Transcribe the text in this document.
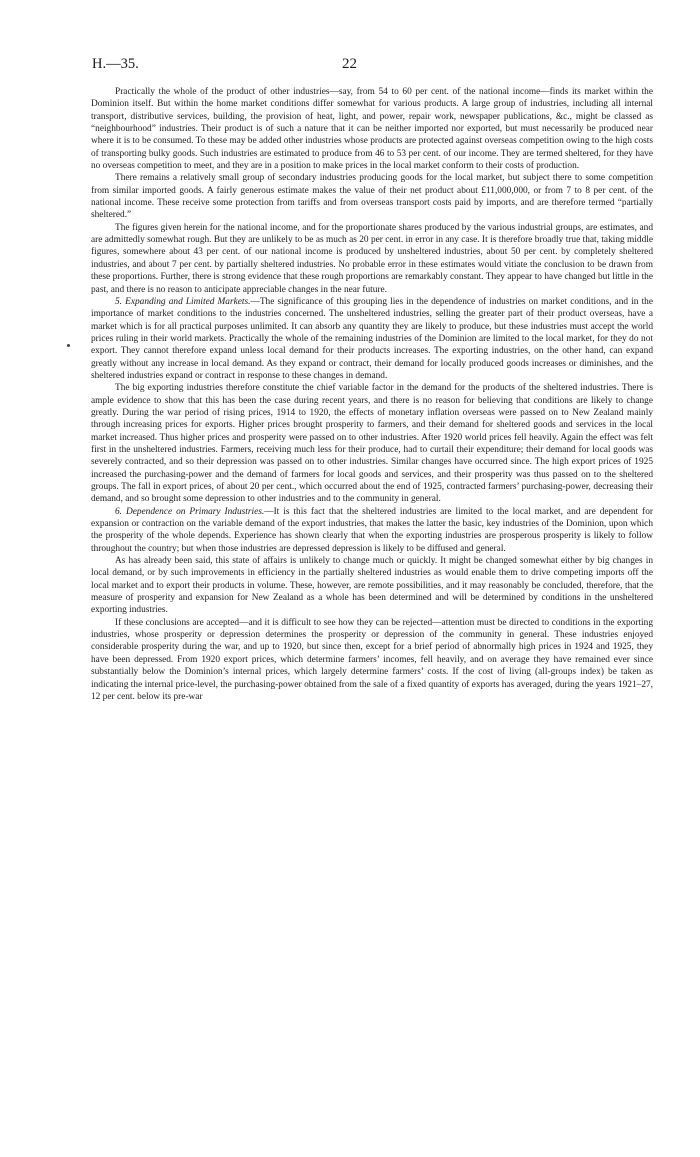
H.—35.	22

Practically the whole of the product of other industries—say, from 54 to 60 per cent. of the national income—finds its market within the Dominion itself. But within the home market conditions differ somewhat for various products. A large group of industries, including all internal transport, distributive services, building, the provision of heat, light, and power, repair work, newspaper publications, &c., might be classed as “neighbourhood” industries. Their product is of such a nature that it can be neither imported nor exported, but must necessarily be produced near where it is to be consumed. To these may be added other industries whose products are protected against overseas competition owing to the high costs of transporting bulky goods. Such industries are estimated to produce from 46 to 53 per cent. of our income. They are termed sheltered, for they have no overseas competition to meet, and they are in a position to make prices in the local market conform to their costs of production.

There remains a relatively small group of secondary industries producing goods for the local market, but subject there to some competition from similar imported goods. A fairly generous estimate makes the value of their net product about £11,000,000, or from 7 to 8 per cent. of the national income. These receive some protection from tariffs and from overseas transport costs paid by imports, and are therefore termed “partially sheltered.”

The figures given herein for the national income, and for the proportionate shares produced by the various industrial groups, are estimates, and are admittedly somewhat rough. But they are unlikely to be as much as 20 per cent. in error in any case. It is therefore broadly true that, taking middle figures, somewhere about 43 per cent. of our national income is produced by unsheltered industries, about 50 per cent. by completely sheltered industries, and about 7 per cent. by partially sheltered industries. No probable error in these estimates would vitiate the conclusion to be drawn from these proportions. Further, there is strong evidence that these rough proportions are remarkably constant. They appear to have changed but little in the past, and there is no reason to anticipate appreciable changes in the near future.

5. Expanding and Limited Markets.—The significance of this grouping lies in the dependence of industries on market conditions, and in the importance of market conditions to the industries concerned. The unsheltered industries, selling the greater part of their product overseas, have a market which is for all practical purposes unlimited. It can absorb any quantity they are likely to produce, but these industries must accept the world prices ruling in their world markets. Practically the whole of the remaining industries of the Dominion are limited to the local market, for they do not export. They cannot therefore expand unless local demand for their products increases. The exporting industries, on the other hand, can expand greatly without any increase in local demand. As they expand or contract, their demand for locally produced goods increases or diminishes, and the sheltered industries expand or contract in response to these changes in demand.

The big exporting industries therefore constitute the chief variable factor in the demand for the products of the sheltered industries. There is ample evidence to show that this has been the case during recent years, and there is no reason for believing that conditions are likely to change greatly. During the war period of rising prices, 1914 to 1920, the effects of monetary inflation overseas were passed on to New Zealand mainly through increasing prices for exports. Higher prices brought prosperity to farmers, and their demand for sheltered goods and services in the local market increased. Thus higher prices and prosperity were passed on to other industries. After 1920 world prices fell heavily. Again the effect was felt first in the unsheltered industries. Farmers, receiving much less for their produce, had to curtail their expenditure; their demand for local goods was severely contracted, and so their depression was passed on to other industries. Similar changes have occurred since. The high export prices of 1925 increased the purchasing-power and the demand of farmers for local goods and services, and their prosperity was thus passed on to the sheltered groups. The fall in export prices, of about 20 per cent., which occurred about the end of 1925, contracted farmers’ purchasing-power, decreasing their demand, and so brought some depression to other industries and to the community in general.

6. Dependence on Primary Industries.—It is this fact that the sheltered industries are limited to the local market, and are dependent for expansion or contraction on the variable demand of the export industries, that makes the latter the basic, key industries of the Dominion, upon which the prosperity of the whole depends. Experience has shown clearly that when the exporting industries are prosperous prosperity is likely to follow throughout the country; but when those industries are depressed depression is likely to be diffused and general.

As has already been said, this state of affairs is unlikely to change much or quickly. It might be changed somewhat either by big changes in local demand, or by such improvements in efficiency in the partially sheltered industries as would enable them to drive competing imports off the local market and to export their products in volume. These, however, are remote possibilities, and it may reasonably be concluded, therefore, that the measure of prosperity and expansion for New Zealand as a whole has been determined and will be determined by conditions in the unsheltered exporting industries.

If these conclusions are accepted—and it is difficult to see how they can be rejected—attention must be directed to conditions in the exporting industries, whose prosperity or depression determines the prosperity or depression of the community in general. These industries enjoyed considerable prosperity during the war, and up to 1920, but since then, except for a brief period of abnormally high prices in 1924 and 1925, they have been depressed. From 1920 export prices, which determine farmers’ incomes, fell heavily, and on average they have remained ever since substantially below the Dominion’s internal prices, which largely determine farmers’ costs. If the cost of living (all-groups index) be taken as indicating the internal price-level, the purchasing-power obtained from the sale of a fixed quantity of exports has averaged, during the years 1921–27, 12 per cent. below its pre-war
